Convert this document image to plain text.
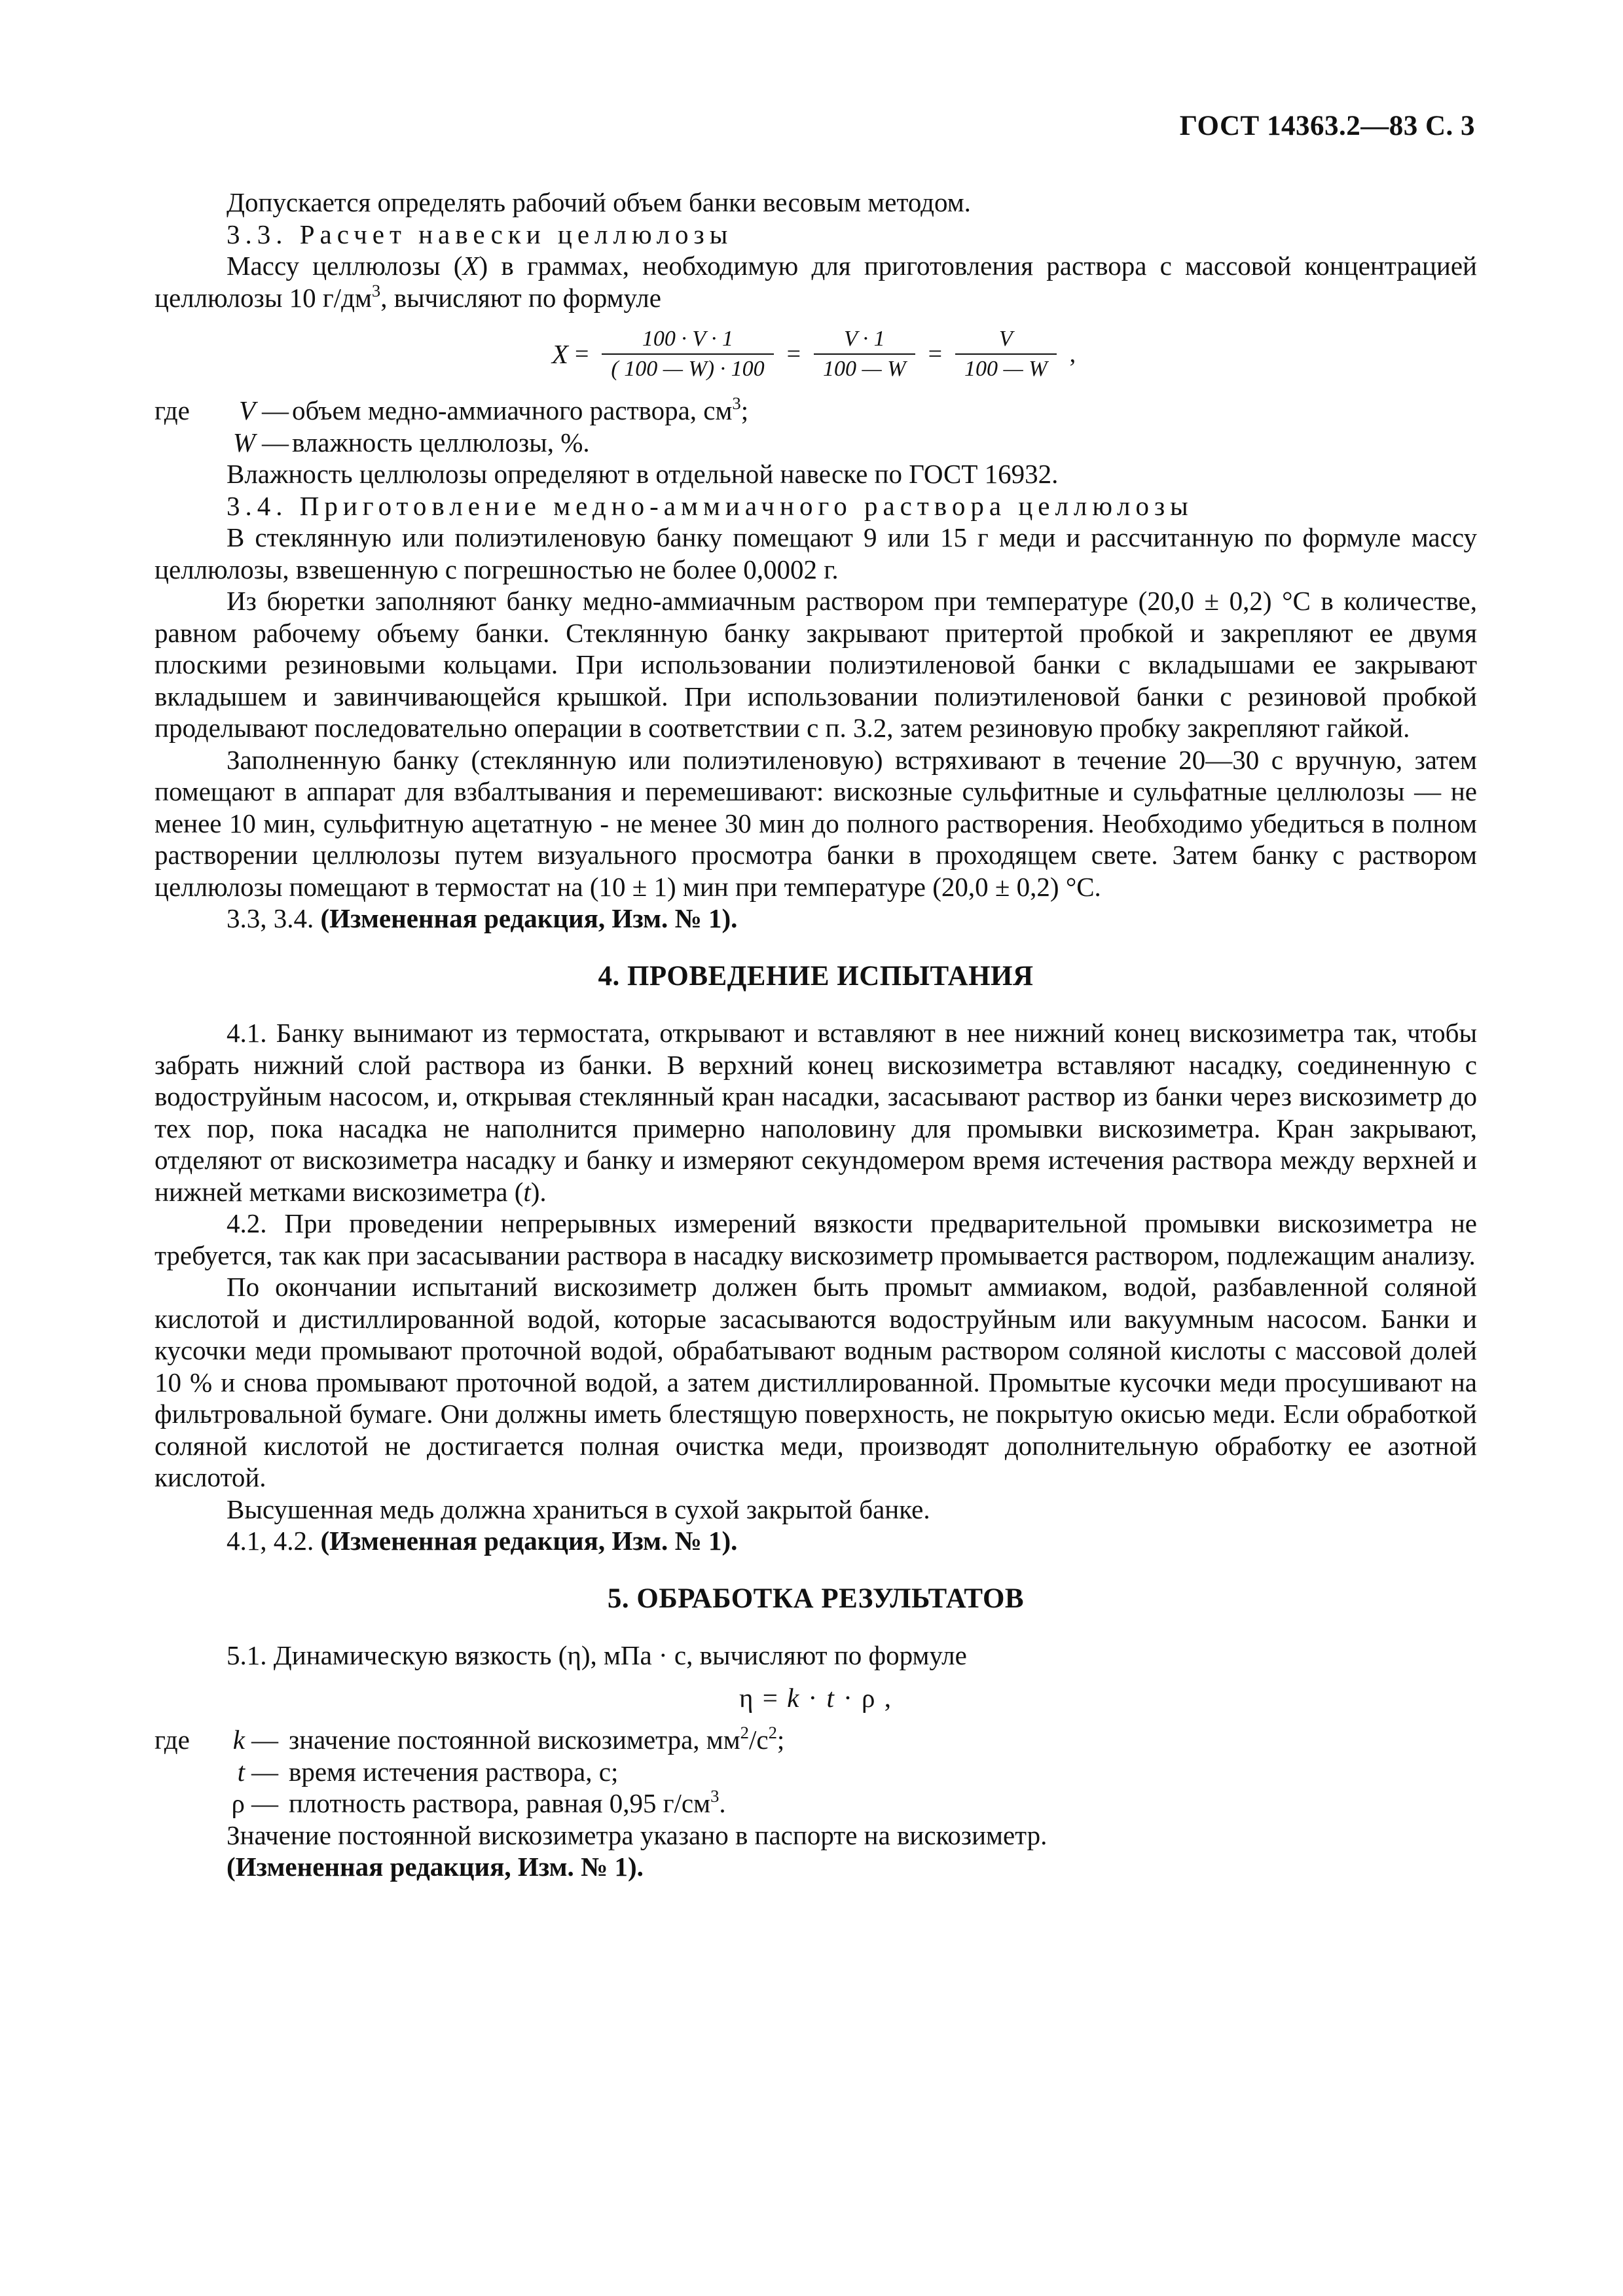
ГОСТ 14363.2—83 С. 3

Допускается определять рабочий объем банки весовым методом.

3.3. Расчет навески целлюлозы

Массу целлюлозы (X) в граммах, необходимую для приготовления раствора с массовой концентрацией целлюлозы 10 $г/дм^3$, вычисляют по формуле

$X = \frac{100 \cdot V \cdot 1}{( 100 — W) \cdot 100} = \frac{V \cdot 1}{100 — W} = \frac{V}{100 — W}$ ,
где V — объем медно-аммиачного раствора, $см^3$;
W — влажность целлюлозы, %.

Влажность целлюлозы определяют в отдельной навеске по ГОСТ 16932.

3.4. Приготовление медно-аммиачного раствора целлюлозы

В стеклянную или полиэтиленовую банку помещают 9 или 15 г меди и рассчитанную по формуле массу целлюлозы, взвешенную с погрешностью не более 0,0002 г.

Из бюретки заполняют банку медно-аммиачным раствором при температуре (20,0 ± 0,2) °С в количестве, равном рабочему объему банки. Стеклянную банку закрывают притертой пробкой и закрепляют ее двумя плоскими резиновыми кольцами. При использовании полиэтиленовой банки с вкладышами ее закрывают вкладышем и завинчивающейся крышкой. При использовании полиэтиленовой банки с резиновой пробкой проделывают последовательно операции в соответствии с п. 3.2, затем резиновую пробку закрепляют гайкой.

Заполненную банку (стеклянную или полиэтиленовую) встряхивают в течение 20—30 с вручную, затем помещают в аппарат для взбалтывания и перемешивают: вискозные сульфитные и сульфатные целлюлозы — не менее 10 мин, сульфитную ацетатную - не менее 30 мин до полного растворения. Необходимо убедиться в полном растворении целлюлозы путем визуального просмотра банки в проходящем свете. Затем банку с раствором целлюлозы помещают в термостат на (10 ± 1) мин при температуре (20,0 ± 0,2) °С.

3.3, 3.4. (Измененная редакция, Изм. № 1).

4. ПРОВЕДЕНИЕ ИСПЫТАНИЯ

4.1. Банку вынимают из термостата, открывают и вставляют в нее нижний конец вискозиметра так, чтобы забрать нижний слой раствора из банки. В верхний конец вискозиметра вставляют насадку, соединенную с водоструйным насосом, и, открывая стеклянный кран насадки, засасывают раствор из банки через вискозиметр до тех пор, пока насадка не наполнится примерно наполовину для промывки вискозиметра. Кран закрывают, отделяют от вискозиметра насадку и банку и измеряют секундомером время истечения раствора между верхней и нижней метками вискозиметра (t).

4.2. При проведении непрерывных измерений вязкости предварительной промывки вискозиметра не требуется, так как при засасывании раствора в насадку вискозиметр промывается раствором, подлежащим анализу.

По окончании испытаний вискозиметр должен быть промыт аммиаком, водой, разбавленной соляной кислотой и дистиллированной водой, которые засасываются водоструйным или вакуумным насосом. Банки и кусочки меди промывают проточной водой, обрабатывают водным раствором соляной кислоты с массовой долей 10 % и снова промывают проточной водой, а затем дистиллированной. Промытые кусочки меди просушивают на фильтровальной бумаге. Они должны иметь блестящую поверхность, не покрытую окисью меди. Если обработкой соляной кислотой не достигается полная очистка меди, производят дополнительную обработку ее азотной кислотой.

Высушенная медь должна храниться в сухой закрытой банке.

4.1, 4.2. (Измененная редакция, Изм. № 1).

5. ОБРАБОТКА РЕЗУЛЬТАТОВ

5.1. Динамическую вязкость (η), мПа · с, вычисляют по формуле

η = k · t · ρ ,
где k — значение постоянной вискозиметра, $мм^2/с^2$;
t — время истечения раствора, с;
ρ — плотность раствора, равная 0,95 $г/см^3$.

Значение постоянной вискозиметра указано в паспорте на вискозиметр.

(Измененная редакция, Изм. № 1).
